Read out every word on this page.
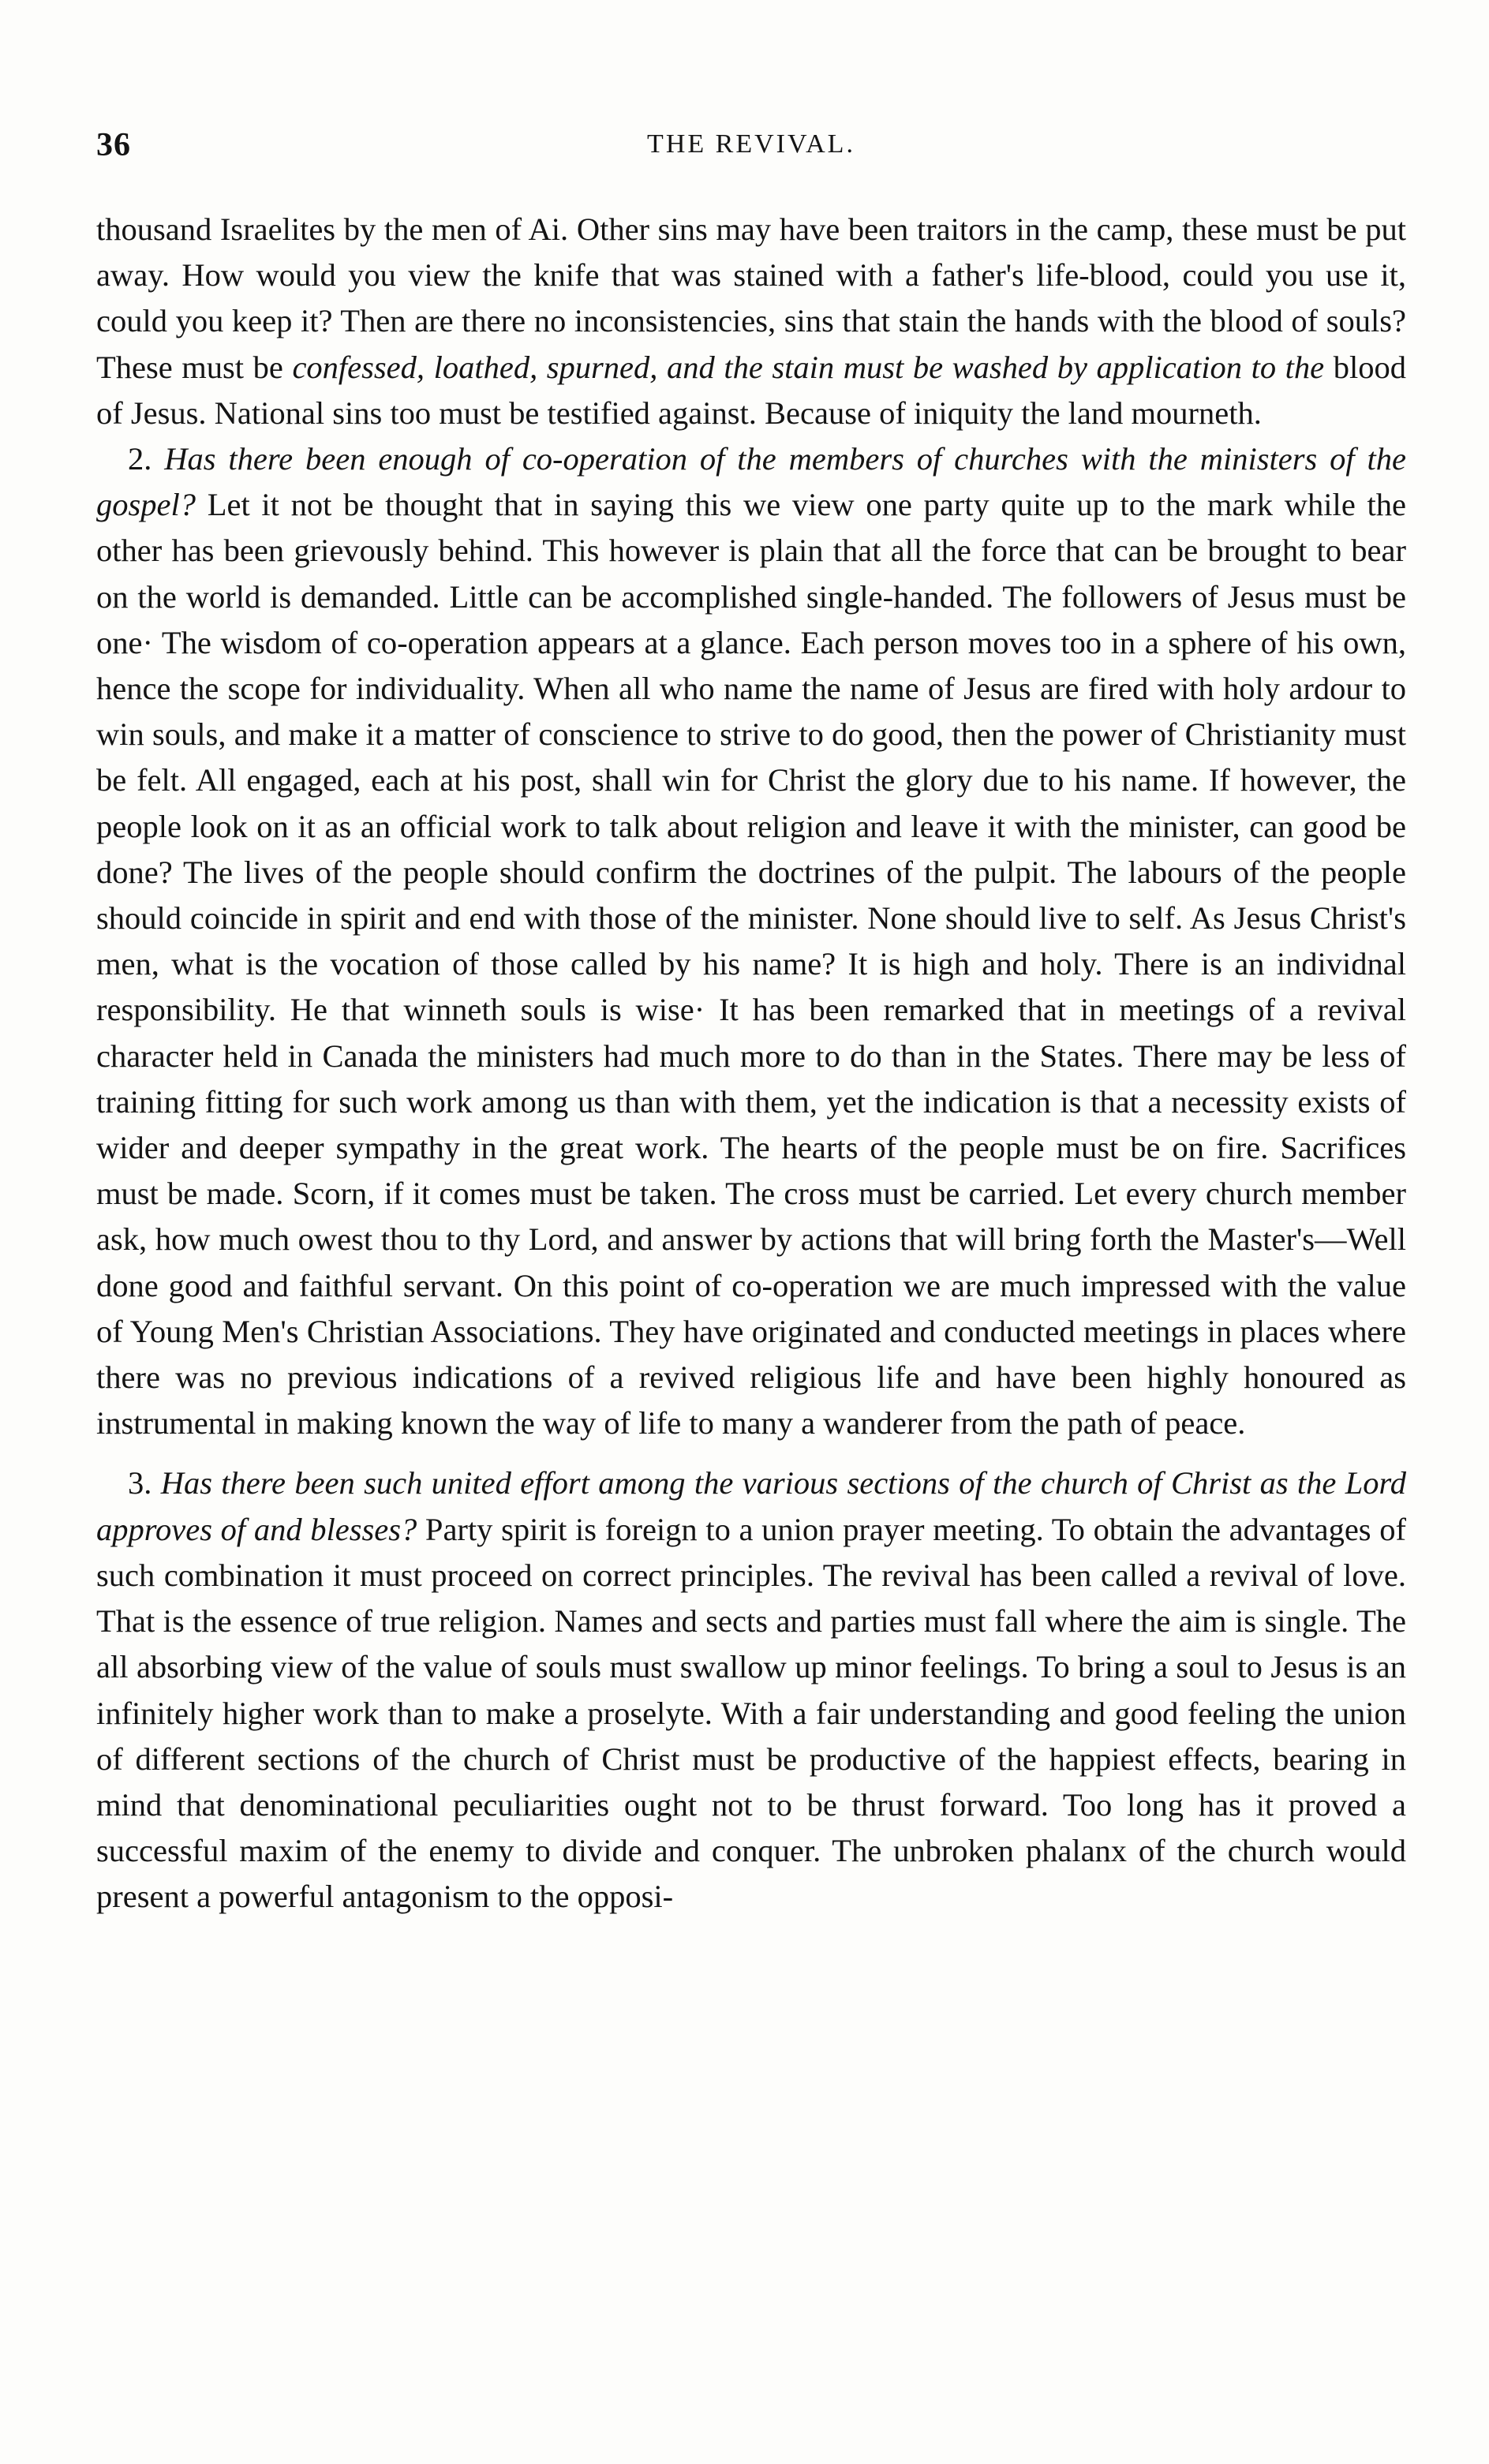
36	THE REVIVAL.

thousand Israelites by the men of Ai. Other sins may have been traitors in the camp, these must be put away. How would you view the knife that was stained with a father's life-blood, could you use it, could you keep it? Then are there no inconsistencies, sins that stain the hands with the blood of souls? These must be confessed, loathed, spurned, and the stain must be washed by application to the blood of Jesus. National sins too must be testified against. Because of iniquity the land mourneth.

2. Has there been enough of co-operation of the members of churches with the ministers of the gospel? Let it not be thought that in saying this we view one party quite up to the mark while the other has been grievously behind. This however is plain that all the force that can be brought to bear on the world is demanded. Little can be accomplished single-handed. The followers of Jesus must be one· The wisdom of co-operation appears at a glance. Each person moves too in a sphere of his own, hence the scope for individuality. When all who name the name of Jesus are fired with holy ardour to win souls, and make it a matter of conscience to strive to do good, then the power of Christianity must be felt. All engaged, each at his post, shall win for Christ the glory due to his name. If however, the people look on it as an official work to talk about religion and leave it with the minister, can good be done? The lives of the people should confirm the doctrines of the pulpit. The labours of the people should coincide in spirit and end with those of the minister. None should live to self. As Jesus Christ's men, what is the vocation of those called by his name? It is high and holy. There is an individnal responsibility. He that winneth souls is wise· It has been remarked that in meetings of a revival character held in Canada the ministers had much more to do than in the States. There may be less of training fitting for such work among us than with them, yet the indication is that a necessity exists of wider and deeper sympathy in the great work. The hearts of the people must be on fire. Sacrifices must be made. Scorn, if it comes must be taken. The cross must be carried. Let every church member ask, how much owest thou to thy Lord, and answer by actions that will bring forth the Master's—Well done good and faithful servant. On this point of co-operation we are much impressed with the value of Young Men's Christian Associations. They have originated and conducted meetings in places where there was no previous indications of a revived religious life and have been highly honoured as instrumental in making known the way of life to many a wanderer from the path of peace.

3. Has there been such united effort among the various sections of the church of Christ as the Lord approves of and blesses? Party spirit is foreign to a union prayer meeting. To obtain the advantages of such combination it must proceed on correct principles. The revival has been called a revival of love. That is the essence of true religion. Names and sects and parties must fall where the aim is single. The all absorbing view of the value of souls must swallow up minor feelings. To bring a soul to Jesus is an infinitely higher work than to make a proselyte. With a fair understanding and good feeling the union of different sections of the church of Christ must be productive of the happiest effects, bearing in mind that denominational peculiarities ought not to be thrust forward. Too long has it proved a successful maxim of the enemy to divide and conquer. The unbroken phalanx of the church would present a powerful antagonism to the opposi-
